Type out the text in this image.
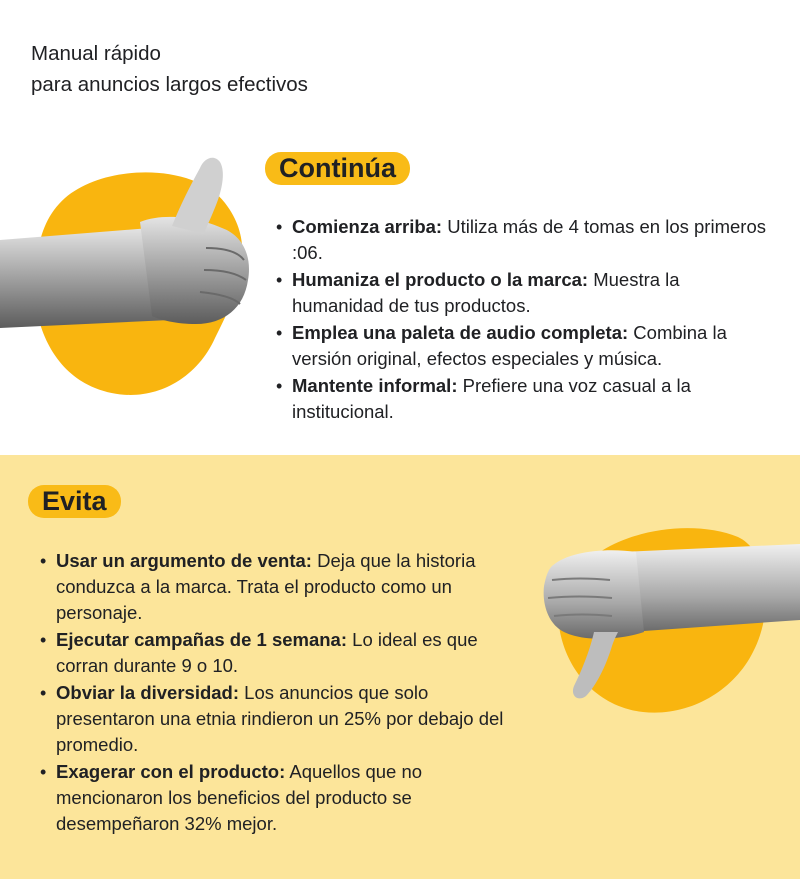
Manual rápido
para anuncios largos efectivos
Continúa
• Comienza arriba: Utiliza más de 4 tomas en los primeros :06.
• Humaniza el producto o la marca: Muestra la humanidad de tus productos.
• Emplea una paleta de audio completa: Combina la versión original, efectos especiales y música.
• Mantente informal: Prefiere una voz casual a la institucional.
Evita
• Usar un argumento de venta: Deja que la historia conduzca a la marca. Trata el producto como un personaje.
• Ejecutar campañas de 1 semana: Lo ideal es que corran durante 9 o 10.
• Obviar la diversidad: Los anuncios que solo presentaron una etnia rindieron un 25% por debajo del promedio.
• Exagerar con el producto: Aquellos que no mencionaron los beneficios del producto se desempeñaron 32% mejor.
